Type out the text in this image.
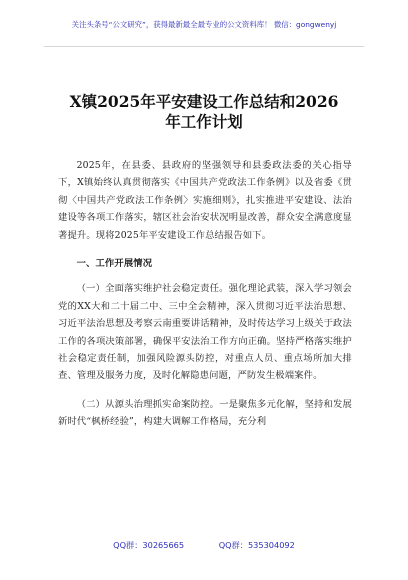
关注头条号“公文研究”，获得最新最全最专业的公文资料库！ 微信：gongwenyj
X镇2025年平安建设工作总结和2026
年工作计划

2025年，在县委、县政府的坚强领导和县委政法委的关心指导下，X镇始终认真贯彻落实《中国共产党政法工作条例》以及省委《贯彻〈中国共产党政法工作条例〉实施细则》，扎实推进平安建设、法治建设等各项工作落实，辖区社会治安状况明显改善，群众安全满意度显著提升。现将2025年平安建设工作总结报告如下。

一、工作开展情况

（一）全面落实维护社会稳定责任。强化理论武装，深入学习领会党的XX大和二十届二中、三中全会精神，深入贯彻习近平法治思想、习近平法治思想及考察云南重要讲话精神，及时传达学习上级关于政法工作的各项决策部署，确保平安法治工作方向正确。坚持严格落实维护社会稳定责任制，加强风险源头防控，对重点人员、重点场所加大排查、管理及服务力度，及时化解隐患问题，严防发生极端案件。

（二）从源头治理抓实命案防控。一是聚焦多元化解，坚持和发展新时代“枫桥经验”，构建大调解工作格局，充分利

QQ群：30265665	QQ群：535304092
